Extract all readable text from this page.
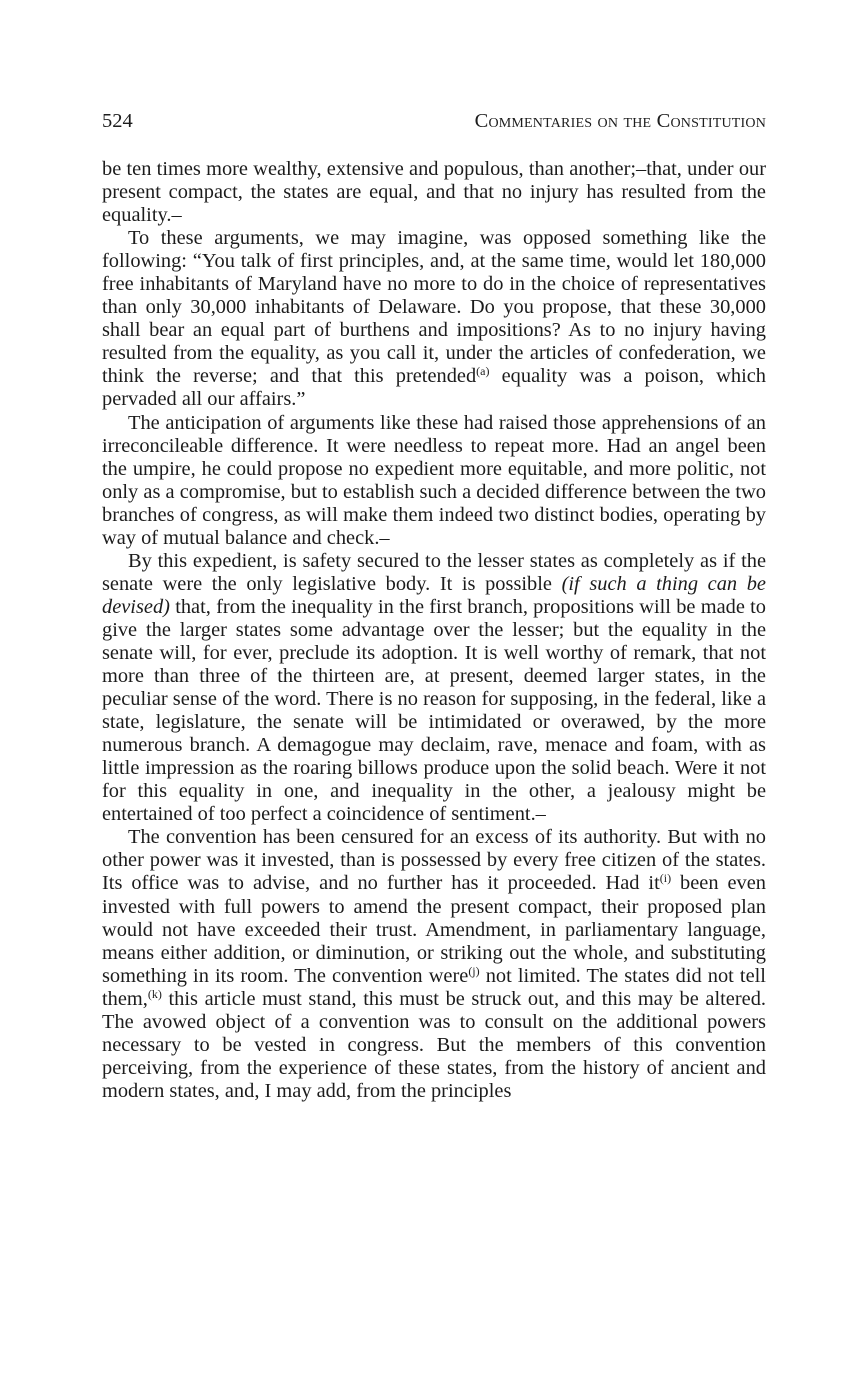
524	Commentaries on the Constitution

be ten times more wealthy, extensive and populous, than another;–that, under our present compact, the states are equal, and that no injury has resulted from the equality.–

To these arguments, we may imagine, was opposed something like the following: “You talk of first principles, and, at the same time, would let 180,000 free inhabitants of Maryland have no more to do in the choice of representatives than only 30,000 inhabitants of Delaware. Do you propose, that these 30,000 shall bear an equal part of burthens and impositions? As to no injury having resulted from the equality, as you call it, under the articles of confederation, we think the reverse; and that this pretended$^{(a)}$ equality was a poison, which pervaded all our affairs.”

The anticipation of arguments like these had raised those apprehensions of an irreconcileable difference. It were needless to repeat more. Had an angel been the umpire, he could propose no expedient more equitable, and more politic, not only as a compromise, but to establish such a decided difference between the two branches of congress, as will make them indeed two distinct bodies, operating by way of mutual balance and check.–

By this expedient, is safety secured to the lesser states as completely as if the senate were the only legislative body. It is possible (if such a thing can be devised) that, from the inequality in the first branch, propositions will be made to give the larger states some advantage over the lesser; but the equality in the senate will, for ever, preclude its adoption. It is well worthy of remark, that not more than three of the thirteen are, at present, deemed larger states, in the peculiar sense of the word. There is no reason for supposing, in the federal, like a state, legislature, the senate will be intimidated or overawed, by the more numerous branch. A demagogue may declaim, rave, menace and foam, with as little impression as the roaring billows produce upon the solid beach. Were it not for this equality in one, and inequality in the other, a jealousy might be entertained of too perfect a coincidence of sentiment.–

The convention has been censured for an excess of its authority. But with no other power was it invested, than is possessed by every free citizen of the states. Its office was to advise, and no further has it proceeded. Had it$^{(i)}$ been even invested with full powers to amend the present compact, their proposed plan would not have exceeded their trust. Amendment, in parliamentary language, means either addition, or diminution, or striking out the whole, and substituting something in its room. The convention were$^{(j)}$ not limited. The states did not tell them,$^{(k)}$ this article must stand, this must be struck out, and this may be altered. The avowed object of a convention was to consult on the additional powers necessary to be vested in congress. But the members of this convention perceiving, from the experience of these states, from the history of ancient and modern states, and, I may add, from the principles
